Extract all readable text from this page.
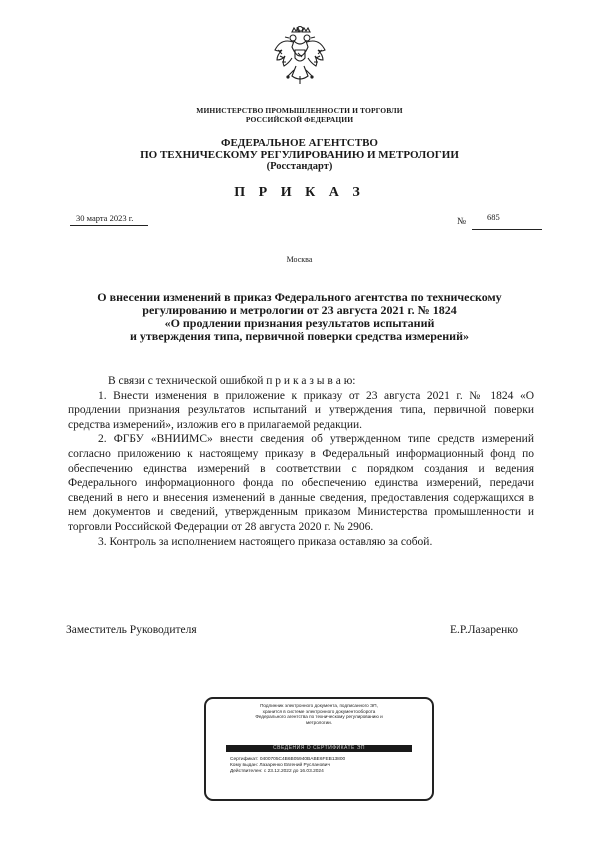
МИНИСТЕРСТВО ПРОМЫШЛЕННОСТИ И ТОРГОВЛИ
РОССИЙСКОЙ ФЕДЕРАЦИИ
ФЕДЕРАЛЬНОЕ АГЕНТСТВО
ПО ТЕХНИЧЕСКОМУ РЕГУЛИРОВАНИЮ И МЕТРОЛОГИИ
(Росстандарт)
П Р И К А З
30 марта 2023 г.	№ 685
Москва
О внесении изменений в приказ Федерального агентства по техническому
регулированию и метрологии от 23 августа 2021 г. № 1824
«О продлении признания результатов испытаний
и утверждения типа, первичной поверки средства измерений»

В связи с технической ошибкой п р и к а з ы в а ю:

1. Внести изменения в приложение к приказу от 23 августа 2021 г. № 1824 «О продлении признания результатов испытаний и утверждения типа, первичной поверки средства измерений», изложив его в прилагаемой редакции.

2. ФГБУ «ВНИИМС» внести сведения об утвержденном типе средств измерений согласно приложению к настоящему приказу в Федеральный информационный фонд по обеспечению единства измерений в соответствии с порядком создания и ведения Федерального информационного фонда по обеспечению единства измерений, передачи сведений в него и внесения изменений в данные сведения, предоставления содержащихся в нем документов и сведений, утвержденным приказом Министерства промышленности и торговли Российской Федерации от 28 августа 2020 г. № 2906.

3. Контроль за исполнением настоящего приказа оставляю за собой.

Заместитель Руководителя	Е.Р.Лазаренко
Подлинник электронного документа, подписанного ЭП,
хранится в системе электронного документооборота
Федерального агентства по техническому регулированию и
метрологии.
СВЕДЕНИЯ О СЕРТИФИКАТЕ ЭП
Сертификат: 0400705C4B6B05940BABE6FEB13800
Кому выдан: Лазаренко Евгений Русланович
Действителен: с 23.12.2022 до 16.03.2024
